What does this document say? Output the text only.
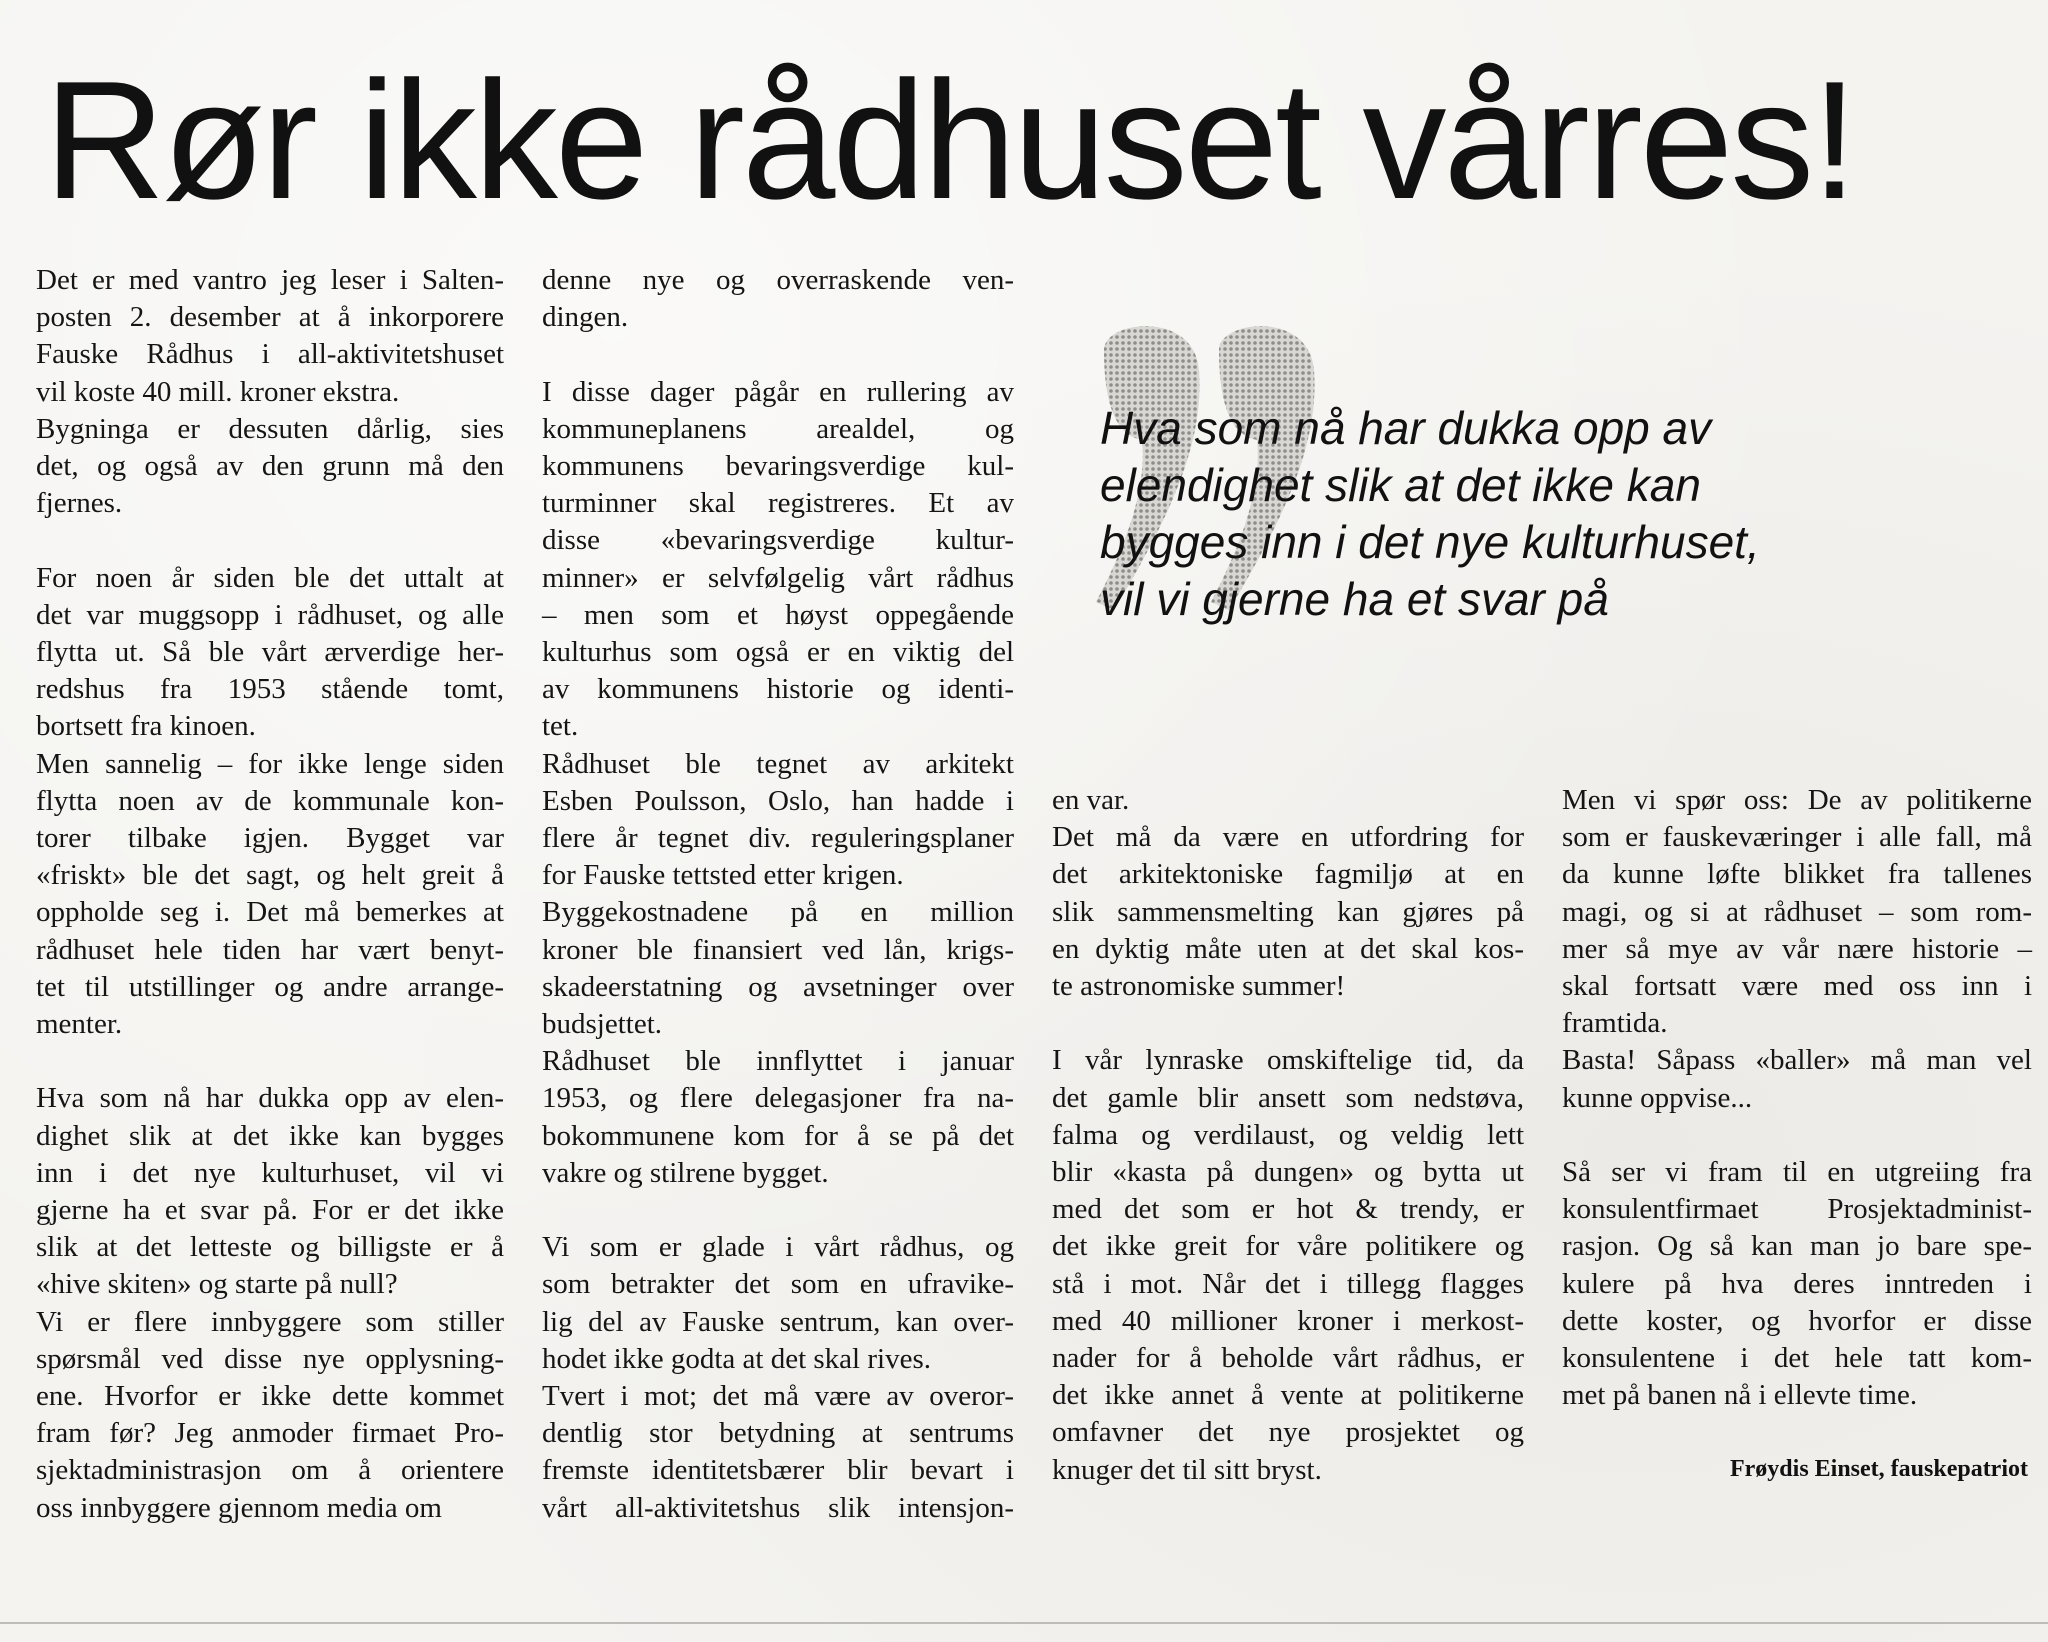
Rør ikke rådhuset vårres!

Det er med vantro jeg leser i Salten-

posten 2. desember at å inkorporere

Fauske Rådhus i all-aktivitetshuset

vil koste 40 mill. kroner ekstra.

Bygninga er dessuten dårlig, sies

det, og også av den grunn må den

fjernes.

For noen år siden ble det uttalt at

det var muggsopp i rådhuset, og alle

flytta ut. Så ble vårt ærverdige her-

redshus fra 1953 stående tomt,

bortsett fra kinoen.

Men sannelig – for ikke lenge siden

flytta noen av de kommunale kon-

torer tilbake igjen. Bygget var

«friskt» ble det sagt, og helt greit å

oppholde seg i. Det må bemerkes at

rådhuset hele tiden har vært benyt-

tet til utstillinger og andre arrange-

menter.

Hva som nå har dukka opp av elen-

dighet slik at det ikke kan bygges

inn i det nye kulturhuset, vil vi

gjerne ha et svar på. For er det ikke

slik at det letteste og billigste er å

«hive skiten» og starte på null?

Vi er flere innbyggere som stiller

spørsmål ved disse nye opplysning-

ene. Hvorfor er ikke dette kommet

fram før? Jeg anmoder firmaet Pro-

sjektadministrasjon om å orientere

oss innbyggere gjennom media om

denne nye og overraskende ven-

dingen.

I disse dager pågår en rullering av

kommuneplanens arealdel, og

kommunens bevaringsverdige kul-

turminner skal registreres. Et av

disse «bevaringsverdige kultur-

minner» er selvfølgelig vårt rådhus

– men som et høyst oppegående

kulturhus som også er en viktig del

av kommunens historie og identi-

tet.

Rådhuset ble tegnet av arkitekt

Esben Poulsson, Oslo, han hadde i

flere år tegnet div. reguleringsplaner

for Fauske tettsted etter krigen.

Byggekostnadene på en million

kroner ble finansiert ved lån, krigs-

skadeerstatning og avsetninger over

budsjettet.

Rådhuset ble innflyttet i januar

1953, og flere delegasjoner fra na-

bokommunene kom for å se på det

vakre og stilrene bygget.

Vi som er glade i vårt rådhus, og

som betrakter det som en ufravike-

lig del av Fauske sentrum, kan over-

hodet ikke godta at det skal rives.

Tvert i mot; det må være av overor-

dentlig stor betydning at sentrums

fremste identitetsbærer blir bevart i

vårt all-aktivitetshus slik intensjon-

en var.

Det må da være en utfordring for

det arkitektoniske fagmiljø at en

slik sammensmelting kan gjøres på

en dyktig måte uten at det skal kos-

te astronomiske summer!

I vår lynraske omskiftelige tid, da

det gamle blir ansett som nedstøva,

falma og verdilaust, og veldig lett

blir «kasta på dungen» og bytta ut

med det som er hot & trendy, er

det ikke greit for våre politikere og

stå i mot. Når det i tillegg flagges

med 40 millioner kroner i merkost-

nader for å beholde vårt rådhus, er

det ikke annet å vente at politikerne

omfavner det nye prosjektet og

knuger det til sitt bryst.

Men vi spør oss: De av politikerne

som er fauskeværinger i alle fall, må

da kunne løfte blikket fra tallenes

magi, og si at rådhuset – som rom-

mer så mye av vår nære historie –

skal fortsatt være med oss inn i

framtida.

Basta! Såpass «baller» må man vel

kunne oppvise...

Så ser vi fram til en utgreiing fra

konsulentfirmaet Prosjektadminist-

rasjon. Og så kan man jo bare spe-

kulere på hva deres inntreden i

dette koster, og hvorfor er disse

konsulentene i det hele tatt kom-

met på banen nå i ellevte time.

Hva som nå har dukka opp av
elendighet slik at det ikke kan
bygges inn i det nye kulturhuset,
vil vi gjerne ha et svar på

Frøydis Einset, fauskepatriot
